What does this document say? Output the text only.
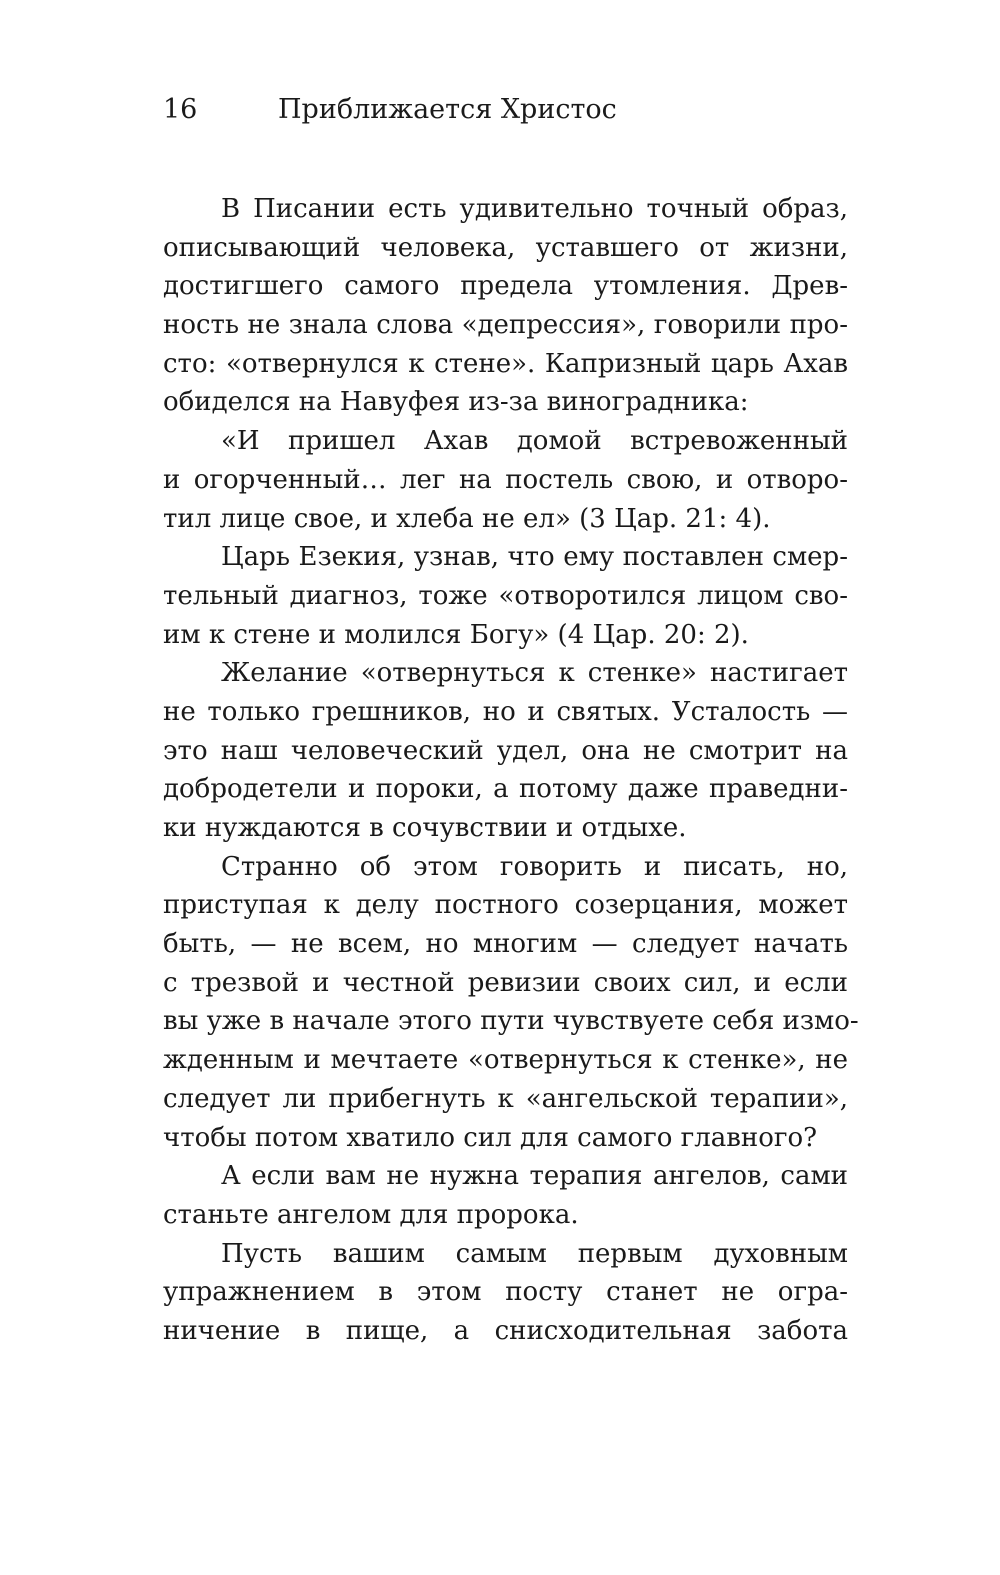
16	Приближается Христос
В Писании есть удивительно точный образ,
описывающий человека, уставшего от жизни,
достигшего самого предела утомления. Древ-
ность не знала слова «депрессия», говорили про-
сто: «отвернулся к стене». Капризный царь Ахав
обиделся на Навуфея из-за виноградника:
«И пришел Ахав домой встревоженный
и огорченный… лег на постель свою, и отворо-
тил лице свое, и хлеба не ел» (3 Цар. 21: 4).
Царь Езекия, узнав, что ему поставлен смер-
тельный диагноз, тоже «отворотился лицом сво-
им к стене и молился Богу» (4 Цар. 20: 2).
Желание «отвернуться к стенке» настигает
не только грешников, но и святых. Усталость —
это наш человеческий удел, она не смотрит на
добродетели и пороки, а потому даже праведни-
ки нуждаются в сочувствии и отдыхе.
Странно об этом говорить и писать, но,
приступая к делу постного созерцания, может
быть, — не всем, но многим — следует начать
с трезвой и честной ревизии своих сил, и если
вы уже в начале этого пути чувствуете себя измо-
жденным и мечтаете «отвернуться к стенке», не
следует ли прибегнуть к «ангельской терапии»,
чтобы потом хватило сил для самого главного?
А если вам не нужна терапия ангелов, сами
станьте ангелом для пророка.
Пусть вашим самым первым духовным
упражнением в этом посту станет не огра-
ничение в пище, а снисходительная забота
